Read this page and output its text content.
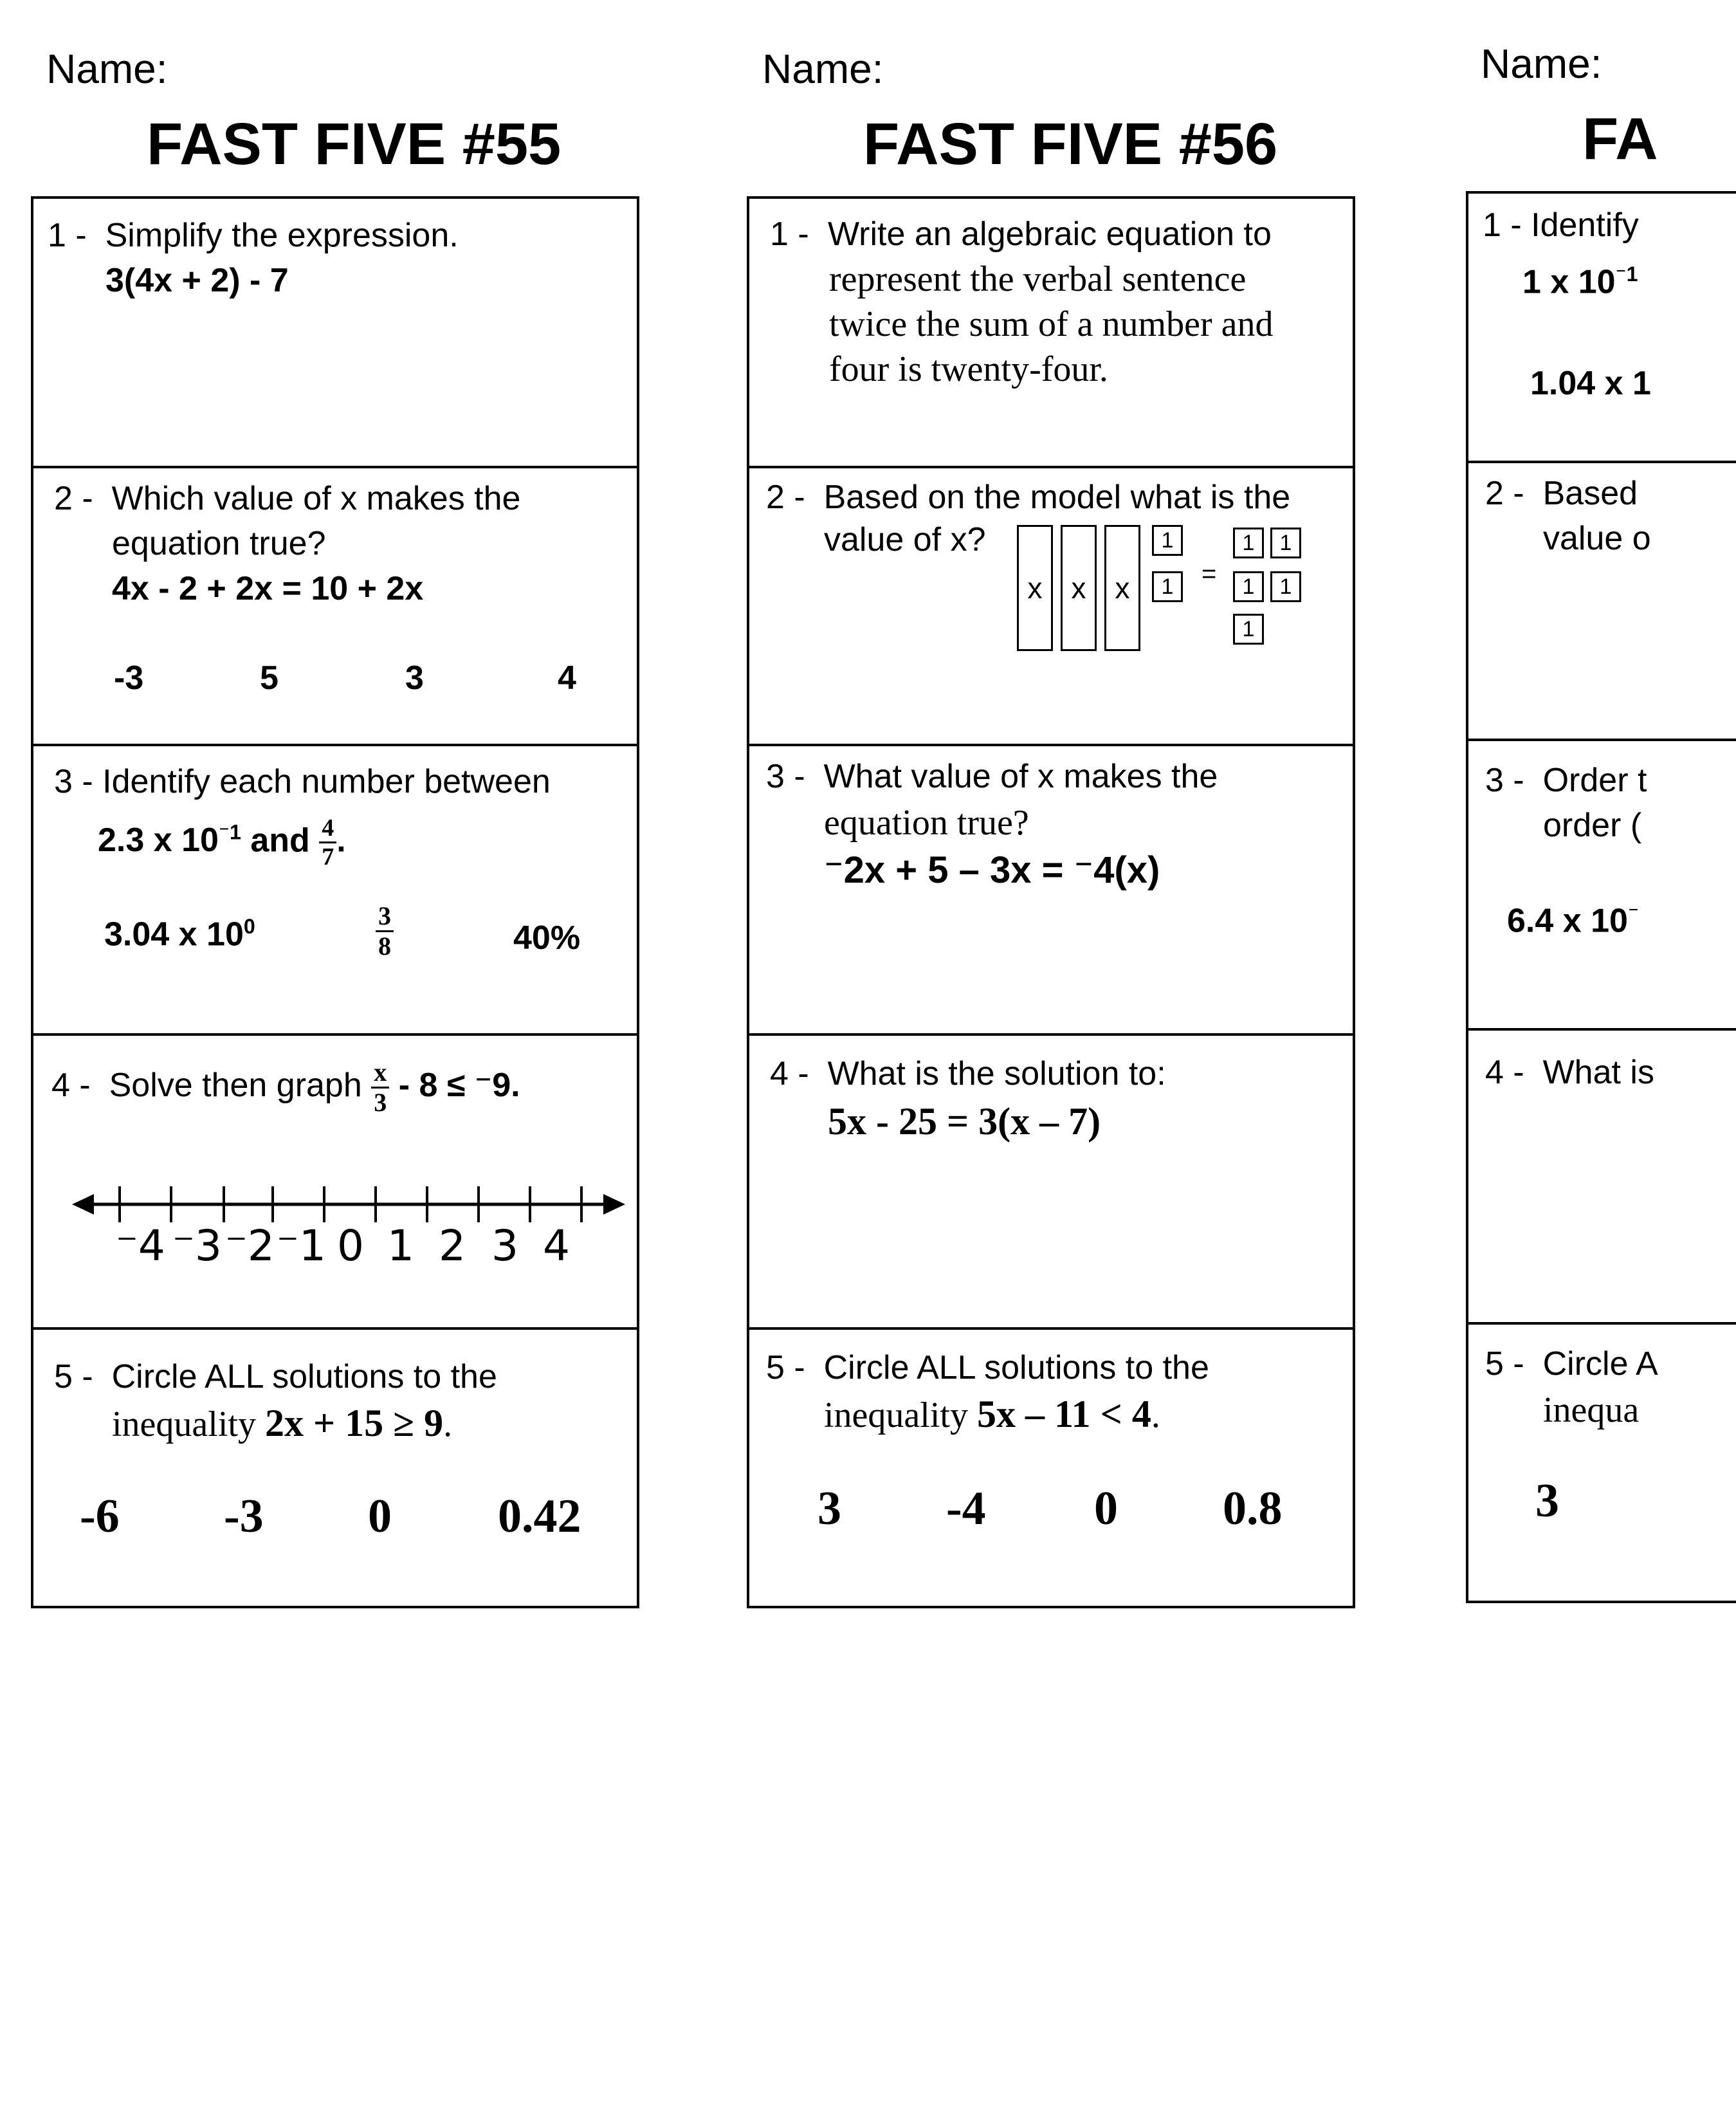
Name:
FAST FIVE #55
1 - Simplify the expression.
3(4x + 2) - 7
2 - Which value of x makes the
equation true?
4x - 2 + 2x = 10 + 2x
-3	5	3	4
3 - Identify each number between
2.3 x $10^{^-1}$ and $\frac{4}{7}$ .
3.04 x $10^0$	$\frac{3}{8}$	40%
4 - Solve then graph $\frac{x}{3} - 8 \le ^-9$.
⁻4 ⁻3 ⁻2 ⁻1 0 1 2 3 4
5 - Circle ALL solutions to the
inequality 2x + 15 ≥ 9.
-6 -3 0 0.42
Name:
FAST FIVE #56
1 - Write an algebraic equation to
represent the verbal sentence
twice the sum of a number and
four is twenty-four.
2 - Based on the model what is the
value of x?
x x x
1
1	=
1	1
1	1
1
3 - What value of x makes the
equation true?
⁻2x + 5 – 3x = ⁻4(x)
4 - What is the solution to:
5x - 25 = 3(x – 7)
5 - Circle ALL solutions to the
inequality 5x – 11 < 4.
3 -4 0 0.8
Name:
FA
1 - Identify
1 x $10^{^-1}$
1.04 x 1
2 - Based
value o
3 - Order t
order (
6.4 x 10⁻
4 - What is
5 - Circle A
inequa
3
